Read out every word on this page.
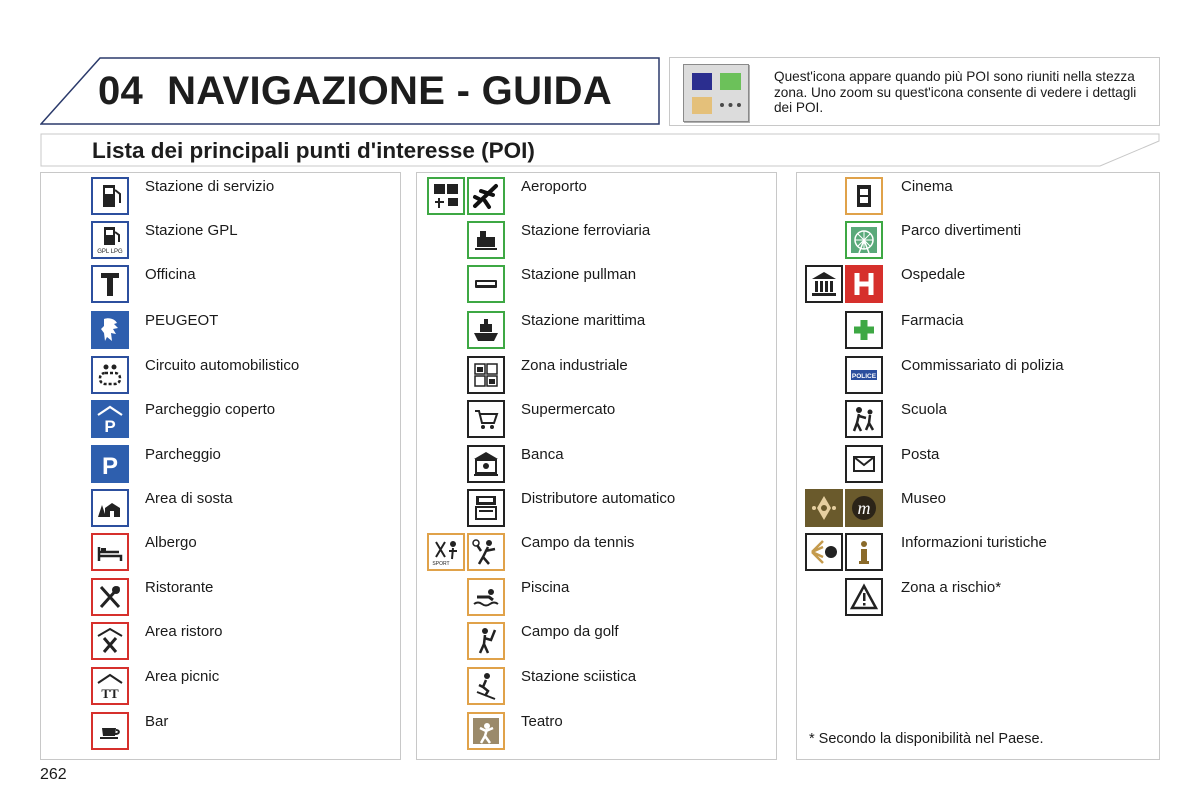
04 NAVIGAZIONE - GUIDA	Quest'icona appare quando più POI sono riuniti nella stezza zona. Uno zoom su quest'icona consente di vedere i dettagli dei POI.
Lista dei principali punti d'interesse (POI)
Stazione di servizio
GPL LPG
Stazione GPL
Officina
PEUGEOT
Circuito automobilistico
P
Parcheggio coperto
P Parcheggio
Area di sosta
Albergo
Ristorante
Area ristoro
TT
Area picnic
Bar
Aeroporto
Stazione ferroviaria
Stazione pullman
Stazione marittima
Zona industriale
Supermercato
Banca
Distributore automatico
SPORT
Campo da tennis
Piscina
Campo da golf
Stazione sciistica
Teatro
* Secondo la disponibilità nel Paese.
Cinema
Parco divertimenti
Ospedale
Farmacia
POLICE
Commissariato di polizia
Scuola
Posta
m Museo
Informazioni turistiche
Zona a rischio*
262
